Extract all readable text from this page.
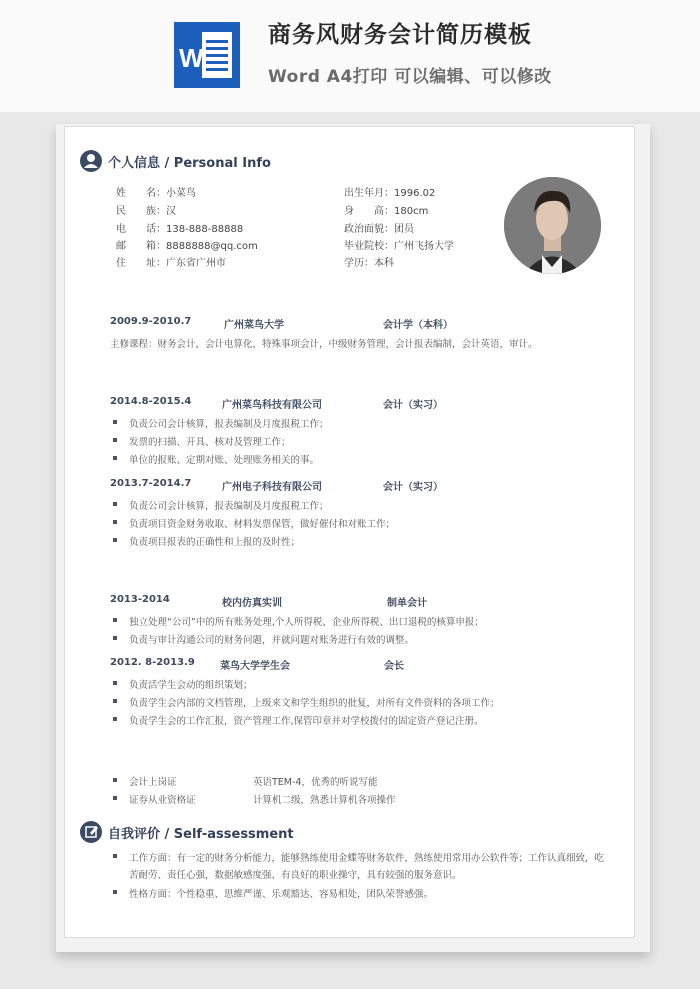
W
商务风财务会计简历模板
Word A4打印 可以编辑、可以修改
个人信息 / Personal Info
姓　　名：小菜鸟
民　　族：汉
电　　话：138-888-88888
邮　　箱：8888888@qq.com
住　　址：广东省广州市
出生年月：1996.02
身　　高：180cm
政治面貌：团员
毕业院校：广州飞扬大学
学历：本科
2009.9-2010.7	广州菜鸟大学	会计学（本科）
主修课程：财务会计，会计电算化，特殊事项会计，中级财务管理，会计报表编制，会计英语，审计。
2014.8-2015.4	广州菜鸟科技有限公司	会计（实习）
负责公司会计核算，报表编制及月度报税工作；
发票的扫描、开具、核对及管理工作；
单位的报账、定期对账、处理账务相关的事。
2013.7-2014.7	广州电子科技有限公司	会计（实习）
负责公司会计核算，报表编制及月度报税工作；
负责项目资金财务收取、材料发票保管，做好催付和对账工作；
负责项目报表的正确性和上报的及时性；
2013-2014	校内仿真实训	制单会计
独立处理“公司”中的所有账务处理,个人所得税、企业所得税、出口退税的核算申报；
负责与审计沟通公司的财务问题，并就问题对账务进行有效的调整。
2012. 8-2013.9	菜鸟大学学生会	会长
负责活学生会动的组织策划；
负责学生会内部的文档管理，上级来文和学生组织的批复，对所有文件资料的各项工作；
负责学生会的工作汇报，资产管理工作,保管印章并对学校拨付的固定资产登记注册。
会计上岗证	英语TEM-4，优秀的听说写能
证券从业资格证	计算机二级，熟悉计算机各项操作
自我评价 / Self-assessment
工作方面：有一定的财务分析能力，能够熟练使用金蝶等财务软件，熟练使用常用办公软件等；工作认真细致，吃苦耐劳、责任心强，数据敏感度强、有良好的职业操守，具有较强的服务意识。
性格方面：个性稳重、思维严谨、乐观豁达、容易相处，团队荣誉感强。
